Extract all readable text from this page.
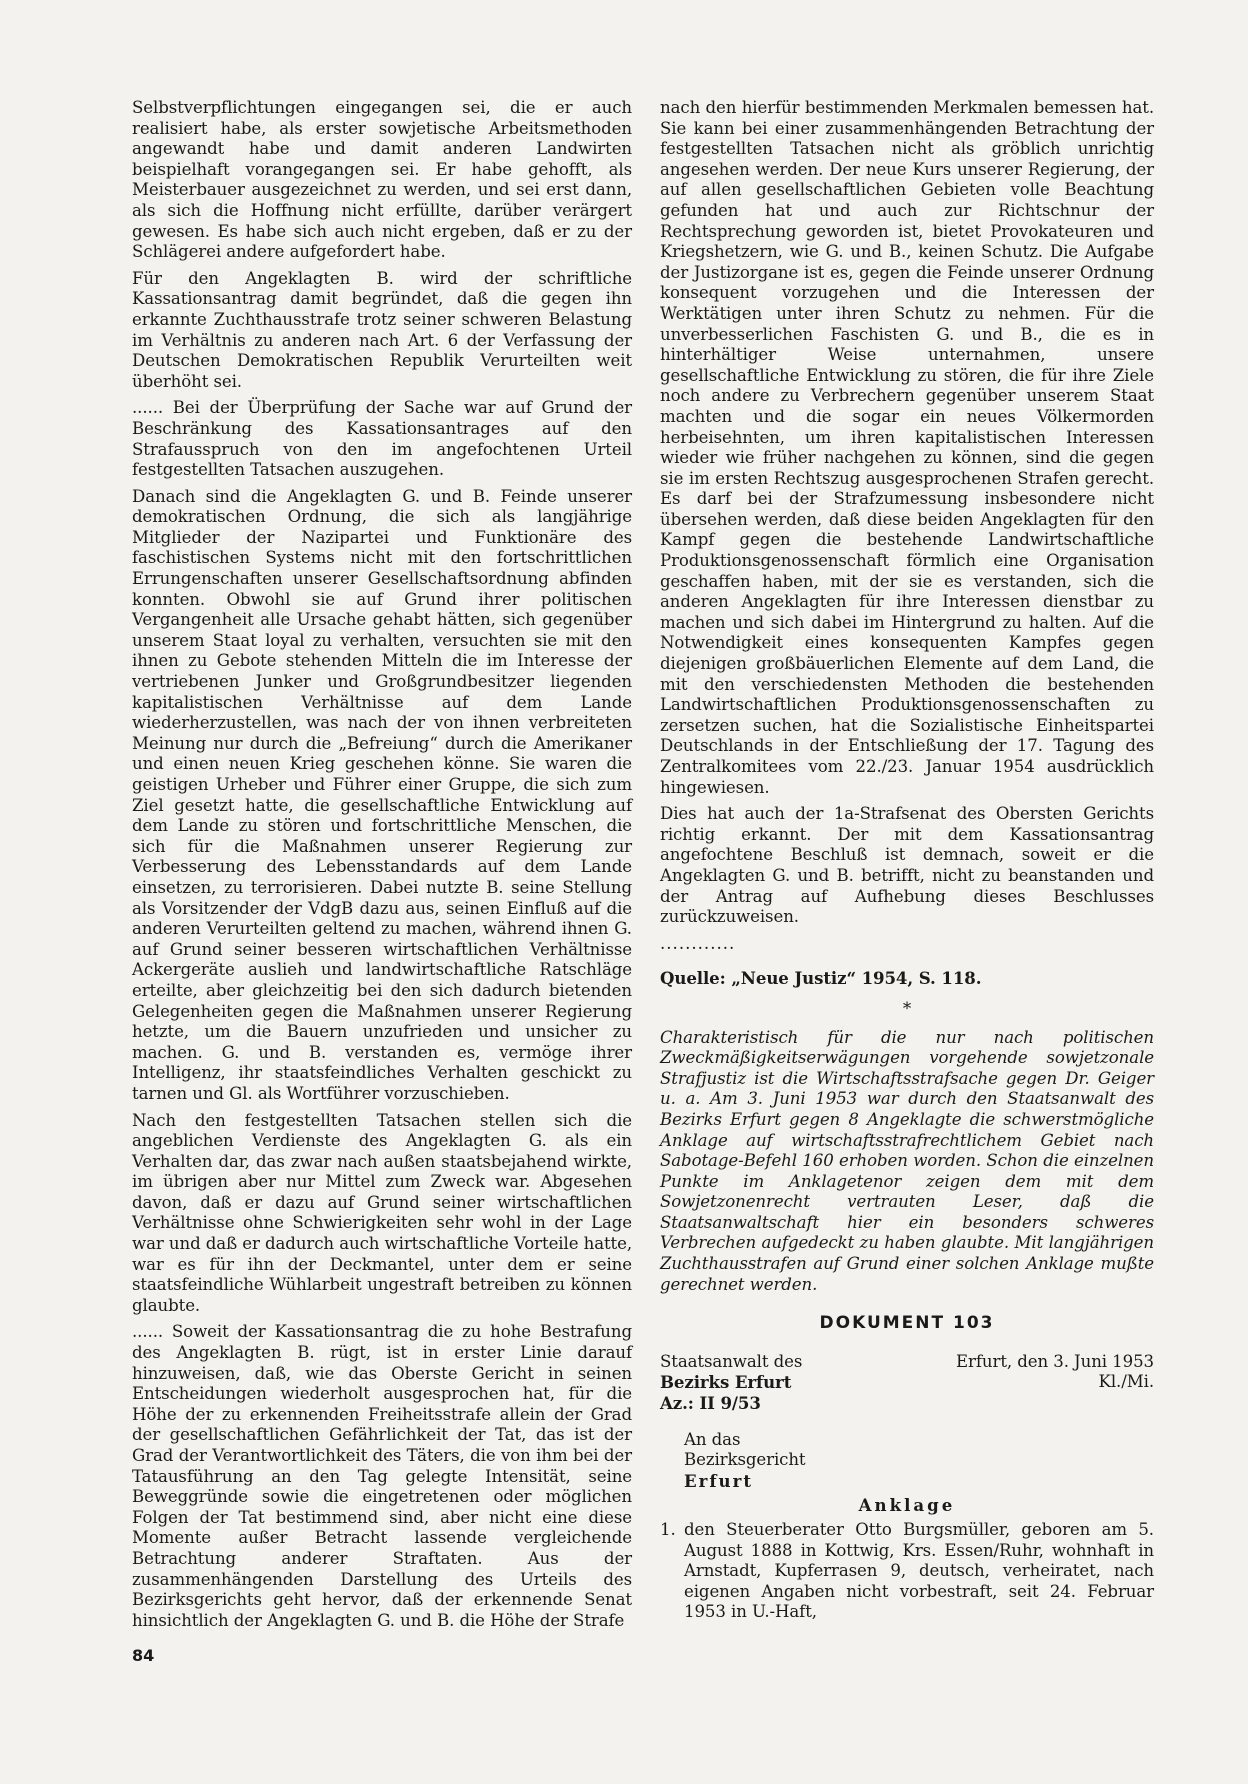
Selbstverpflichtungen eingegangen sei, die er auch realisiert habe, als erster sowjetische Arbeitsmethoden angewandt habe und damit anderen Landwirten beispielhaft vorangegangen sei. Er habe gehofft, als Meisterbauer ausgezeichnet zu werden, und sei erst dann, als sich die Hoffnung nicht erfüllte, darüber verärgert gewesen. Es habe sich auch nicht ergeben, daß er zu der Schlägerei andere aufgefordert habe.

Für den Angeklagten B. wird der schriftliche Kassationsantrag damit begründet, daß die gegen ihn erkannte Zuchthausstrafe trotz seiner schweren Belastung im Verhältnis zu anderen nach Art. 6 der Verfassung der Deutschen Demokratischen Republik Verurteilten weit überhöht sei.

...... Bei der Überprüfung der Sache war auf Grund der Beschränkung des Kassationsantrages auf den Strafausspruch von den im angefochtenen Urteil festgestellten Tatsachen auszugehen.

Danach sind die Angeklagten G. und B. Feinde unserer demokratischen Ordnung, die sich als langjährige Mitglieder der Nazipartei und Funktionäre des faschistischen Systems nicht mit den fortschrittlichen Errungenschaften unserer Gesellschaftsordnung abfinden konnten. Obwohl sie auf Grund ihrer politischen Vergangenheit alle Ursache gehabt hätten, sich gegenüber unserem Staat loyal zu verhalten, versuchten sie mit den ihnen zu Gebote stehenden Mitteln die im Interesse der vertriebenen Junker und Großgrundbesitzer liegenden kapitalistischen Verhältnisse auf dem Lande wiederherzustellen, was nach der von ihnen verbreiteten Meinung nur durch die „Befreiung“ durch die Amerikaner und einen neuen Krieg geschehen könne. Sie waren die geistigen Urheber und Führer einer Gruppe, die sich zum Ziel gesetzt hatte, die gesellschaftliche Entwicklung auf dem Lande zu stören und fortschrittliche Menschen, die sich für die Maßnahmen unserer Regierung zur Verbesserung des Lebensstandards auf dem Lande einsetzen, zu terrorisieren. Dabei nutzte B. seine Stellung als Vorsitzender der VdgB dazu aus, seinen Einfluß auf die anderen Verurteilten geltend zu machen, während ihnen G. auf Grund seiner besseren wirtschaftlichen Verhältnisse Ackergeräte auslieh und landwirtschaftliche Ratschläge erteilte, aber gleichzeitig bei den sich dadurch bietenden Gelegenheiten gegen die Maßnahmen unserer Regierung hetzte, um die Bauern unzufrieden und unsicher zu machen. G. und B. verstanden es, vermöge ihrer Intelligenz, ihr staatsfeindliches Verhalten geschickt zu tarnen und Gl. als Wortführer vorzuschieben.

Nach den festgestellten Tatsachen stellen sich die angeblichen Verdienste des Angeklagten G. als ein Verhalten dar, das zwar nach außen staatsbejahend wirkte, im übrigen aber nur Mittel zum Zweck war. Abgesehen davon, daß er dazu auf Grund seiner wirtschaftlichen Verhältnisse ohne Schwierigkeiten sehr wohl in der Lage war und daß er dadurch auch wirtschaftliche Vorteile hatte, war es für ihn der Deckmantel, unter dem er seine staatsfeindliche Wühlarbeit ungestraft betreiben zu können glaubte.

...... Soweit der Kassationsantrag die zu hohe Bestrafung des Angeklagten B. rügt, ist in erster Linie darauf hinzuweisen, daß, wie das Oberste Gericht in seinen Entscheidungen wiederholt ausgesprochen hat, für die Höhe der zu erkennenden Freiheitsstrafe allein der Grad der gesellschaftlichen Gefährlichkeit der Tat, das ist der Grad der Verantwortlichkeit des Täters, die von ihm bei der Tatausführung an den Tag gelegte Intensität, seine Beweggründe sowie die eingetretenen oder möglichen Folgen der Tat bestimmend sind, aber nicht eine diese Momente außer Betracht lassende vergleichende Betrachtung anderer Straftaten. Aus der zusammenhängenden Darstellung des Urteils des Bezirksgerichts geht hervor, daß der erkennende Senat hinsichtlich der Angeklagten G. und B. die Höhe der Strafe

nach den hierfür bestimmenden Merkmalen bemessen hat. Sie kann bei einer zusammenhängenden Betrachtung der festgestellten Tatsachen nicht als gröblich unrichtig angesehen werden. Der neue Kurs unserer Regierung, der auf allen gesellschaftlichen Gebieten volle Beachtung gefunden hat und auch zur Richtschnur der Rechtsprechung geworden ist, bietet Provokateuren und Kriegshetzern, wie G. und B., keinen Schutz. Die Aufgabe der Justizorgane ist es, gegen die Feinde unserer Ordnung konsequent vorzugehen und die Interessen der Werktätigen unter ihren Schutz zu nehmen. Für die unverbesserlichen Faschisten G. und B., die es in hinterhältiger Weise unternahmen, unsere gesellschaftliche Entwicklung zu stören, die für ihre Ziele noch andere zu Verbrechern gegenüber unserem Staat machten und die sogar ein neues Völkermorden herbeisehnten, um ihren kapitalistischen Interessen wieder wie früher nachgehen zu können, sind die gegen sie im ersten Rechtszug ausgesprochenen Strafen gerecht. Es darf bei der Strafzumessung insbesondere nicht übersehen werden, daß diese beiden Angeklagten für den Kampf gegen die bestehende Landwirtschaftliche Produktionsgenossenschaft förmlich eine Organisation geschaffen haben, mit der sie es verstanden, sich die anderen Angeklagten für ihre Interessen dienstbar zu machen und sich dabei im Hintergrund zu halten. Auf die Notwendigkeit eines konsequenten Kampfes gegen diejenigen großbäuerlichen Elemente auf dem Land, die mit den verschiedensten Methoden die bestehenden Landwirtschaftlichen Produktionsgenossenschaften zu zersetzen suchen, hat die Sozialistische Einheitspartei Deutschlands in der Entschließung der 17. Tagung des Zentralkomitees vom 22./23. Januar 1954 ausdrücklich hingewiesen.

Dies hat auch der 1a-Strafsenat des Obersten Gerichts richtig erkannt. Der mit dem Kassationsantrag angefochtene Beschluß ist demnach, soweit er die Angeklagten G. und B. betrifft, nicht zu beanstanden und der Antrag auf Aufhebung dieses Beschlusses zurückzuweisen.

............

Quelle: „Neue Justiz“ 1954, S. 118.

*

Charakteristisch für die nur nach politischen Zweckmäßigkeitserwägungen vorgehende sowjetzonale Strafjustiz ist die Wirtschaftsstrafsache gegen Dr. Geiger u. a. Am 3. Juni 1953 war durch den Staatsanwalt des Bezirks Erfurt gegen 8 Angeklagte die schwerstmögliche Anklage auf wirtschaftsstrafrechtlichem Gebiet nach Sabotage-Befehl 160 erhoben worden. Schon die einzelnen Punkte im Anklagetenor zeigen dem mit dem Sowjetzonenrecht vertrauten Leser, daß die Staatsanwaltschaft hier ein besonders schweres Verbrechen aufgedeckt zu haben glaubte. Mit langjährigen Zuchthausstrafen auf Grund einer solchen Anklage mußte gerechnet werden.

DOKUMENT 103
Staatsanwalt des
Bezirks Erfurt
Az.: II 9/53
Erfurt, den 3. Juni 1953
Kl./Mi.
An das
Bezirksgericht
Erfurt
Anklage
1. den Steuerberater Otto Burgsmüller, geboren am 5. August 1888 in Kottwig, Krs. Essen/Ruhr, wohnhaft in Arnstadt, Kupferrasen 9, deutsch, verheiratet, nach eigenen Angaben nicht vorbestraft, seit 24. Februar 1953 in U.-Haft,
84
